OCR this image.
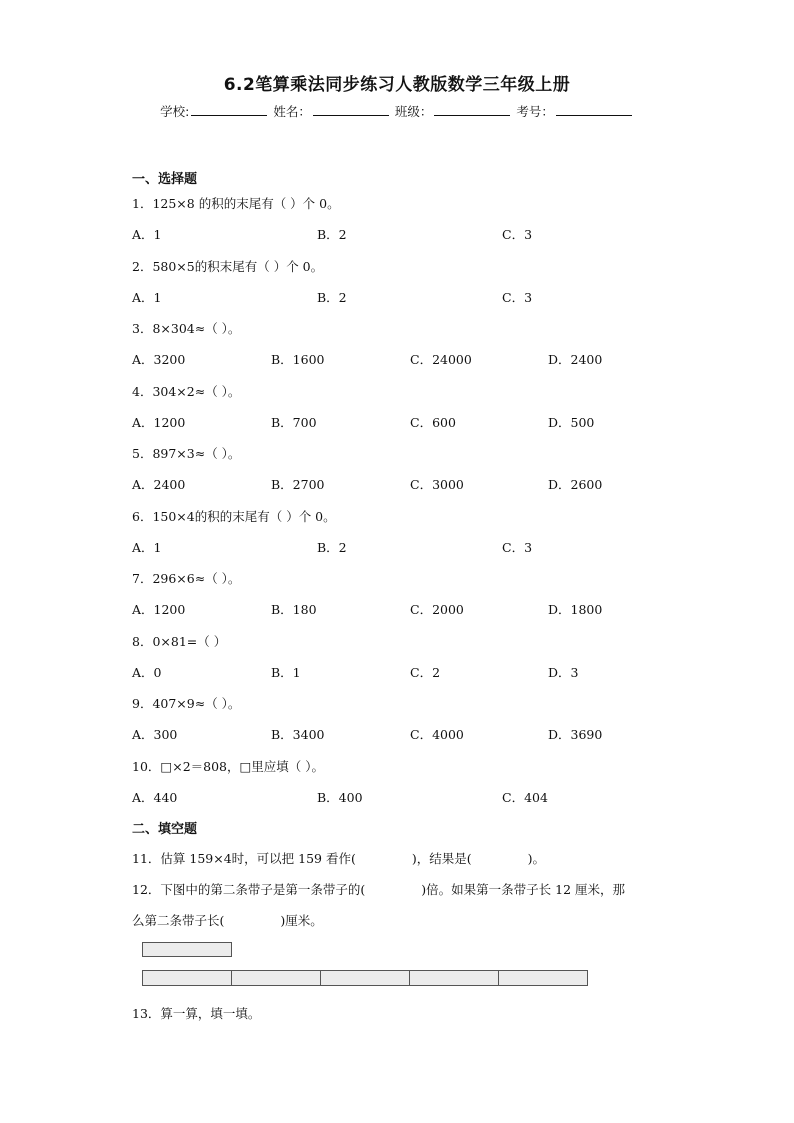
6.2笔算乘法同步练习人教版数学三年级上册
学校:	姓名：	班级：	考号：
一、选择题
1．125×8 的积的末尾有（ ）个 0。
A．1	B．2	C．3
2．580×5的积末尾有（ ）个 0。
A．1	B．2	C．3
3．8×304≈（ ）。
A．3200	B．1600	C．24000	D．2400
4．304×2≈（ ）。
A．1200	B．700	C．600	D．500
5．897×3≈（ ）。
A．2400	B．2700	C．3000	D．2600
6．150×4的积的末尾有（ ）个 0。
A．1	B．2	C．3
7．296×6≈（ ）。
A．1200	B．180	C．2000	D．1800
8．0×81=（ ）
A．0	B．1	C．2	D．3
9．407×9≈（ ）。
A．300	B．3400	C．4000	D．3690
10．□×2＝808，□里应填（ ）。
A．440	B．400	C．404
二、填空题
11．估算 159×4时，可以把 159 看作(	)，结果是(	)。
12．下图中的第二条带子是第一条带子的(	)倍。如果第一条带子长 12 厘米，那
么第二条带子长(	)厘米。
13．算一算，填一填。
